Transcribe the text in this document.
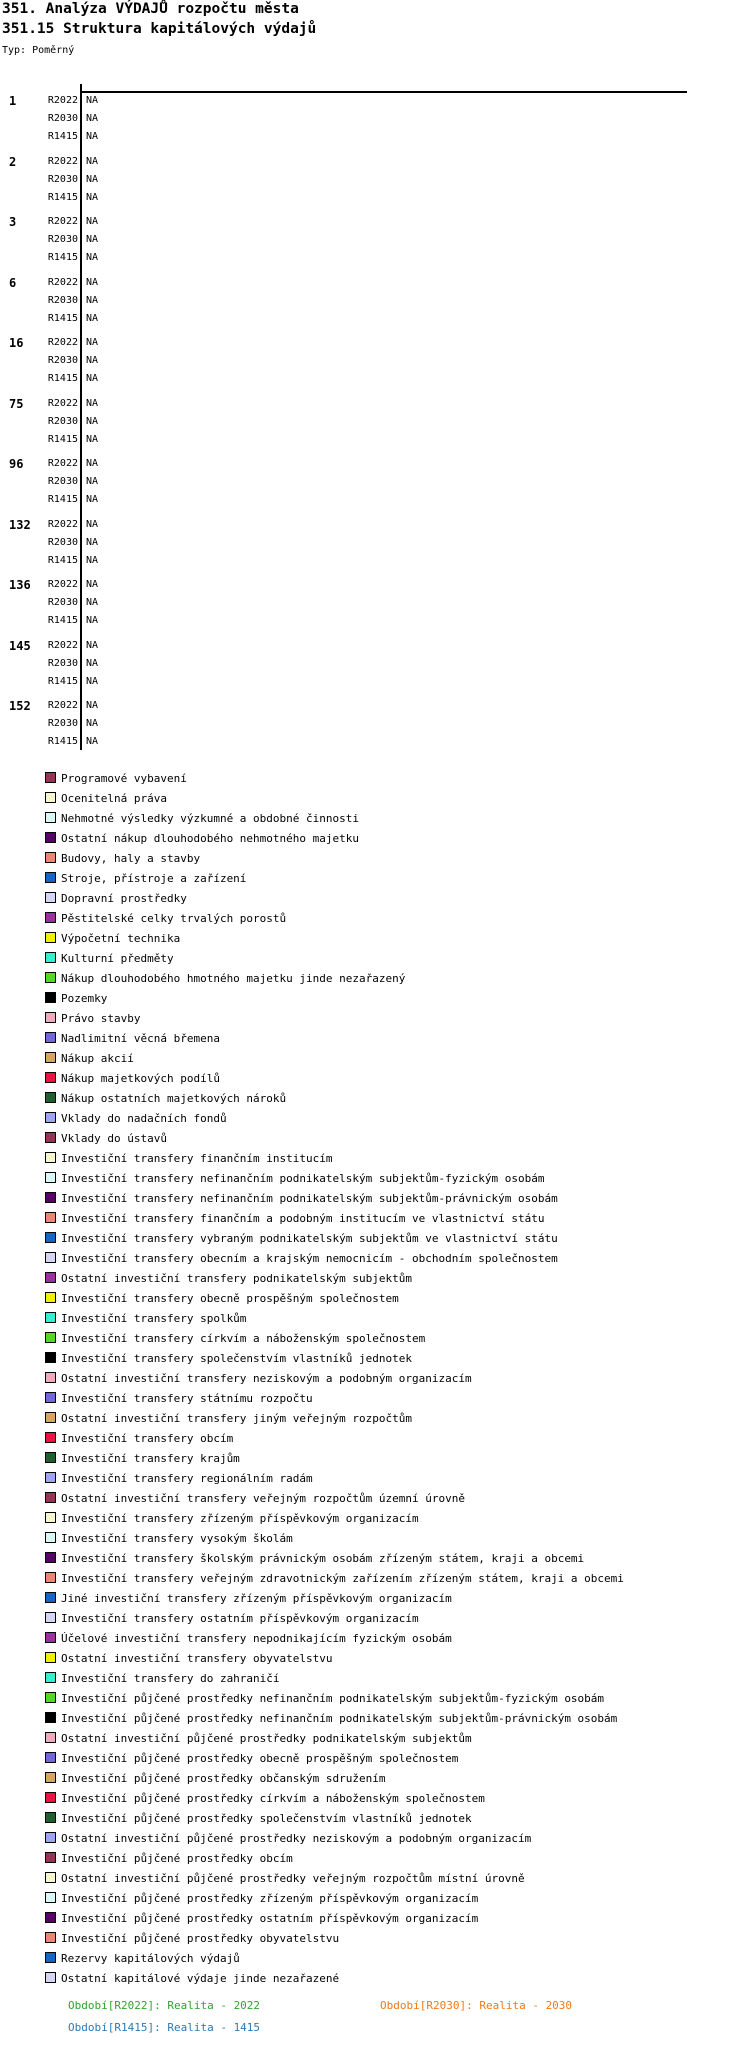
351. Analýza VÝDAJŮ rozpočtu města
351.15 Struktura kapitálových výdajů
Typ: Poměrný
1	R2022 NA
R2030 NA
R1415 NA
2	R2022 NA
R2030 NA
R1415 NA
3	R2022 NA
R2030 NA
R1415 NA
6	R2022 NA
R2030 NA
R1415 NA
16	R2022 NA
R2030 NA
R1415 NA
75	R2022 NA
R2030 NA
R1415 NA
96	R2022 NA
R2030 NA
R1415 NA
132	R2022 NA
R2030 NA
R1415 NA
136	R2022 NA
R2030 NA
R1415 NA
145	R2022 NA
R2030 NA
R1415 NA
152	R2022 NA
R2030 NA
R1415 NA
Programové vybavení
Ocenitelná práva
Nehmotné výsledky výzkumné a obdobné činnosti
Ostatní nákup dlouhodobého nehmotného majetku
Budovy, haly a stavby
Stroje, přístroje a zařízení
Dopravní prostředky
Pěstitelské celky trvalých porostů
Výpočetní technika
Kulturní předměty
Nákup dlouhodobého hmotného majetku jinde nezařazený
Pozemky
Právo stavby
Nadlimitní věcná břemena
Nákup akcií
Nákup majetkových podílů
Nákup ostatních majetkových nároků
Vklady do nadačních fondů
Vklady do ústavů
Investiční transfery finančním institucím
Investiční transfery nefinančním podnikatelským subjektům-fyzickým osobám
Investiční transfery nefinančním podnikatelským subjektům-právnickým osobám
Investiční transfery finančním a podobným institucím ve vlastnictví státu
Investiční transfery vybraným podnikatelským subjektům ve vlastnictví státu
Investiční transfery obecním a krajským nemocnicím - obchodním společnostem
Ostatní investiční transfery podnikatelským subjektům
Investiční transfery obecně prospěšným společnostem
Investiční transfery spolkům
Investiční transfery církvím a náboženským společnostem
Investiční transfery společenstvím vlastníků jednotek
Ostatní investiční transfery neziskovým a podobným organizacím
Investiční transfery státnímu rozpočtu
Ostatní investiční transfery jiným veřejným rozpočtům
Investiční transfery obcím
Investiční transfery krajům
Investiční transfery regionálním radám
Ostatní investiční transfery veřejným rozpočtům územní úrovně
Investiční transfery zřízeným příspěvkovým organizacím
Investiční transfery vysokým školám
Investiční transfery školským právnickým osobám zřízeným státem, kraji a obcemi
Investiční transfery veřejným zdravotnickým zařízením zřízeným státem, kraji a obcemi
Jiné investiční transfery zřízeným příspěvkovým organizacím
Investiční transfery ostatním příspěvkovým organizacím
Účelové investiční transfery nepodnikajícím fyzickým osobám
Ostatní investiční transfery obyvatelstvu
Investiční transfery do zahraničí
Investiční půjčené prostředky nefinančním podnikatelským subjektům-fyzickým osobám
Investiční půjčené prostředky nefinančním podnikatelským subjektům-právnickým osobám
Ostatní investiční půjčené prostředky podnikatelským subjektům
Investiční půjčené prostředky obecně prospěšným společnostem
Investiční půjčené prostředky občanským sdružením
Investiční půjčené prostředky církvím a náboženským společnostem
Investiční půjčené prostředky společenstvím vlastníků jednotek
Ostatní investiční půjčené prostředky neziskovým a podobným organizacím
Investiční půjčené prostředky obcím
Ostatní investiční půjčené prostředky veřejným rozpočtům místní úrovně
Investiční půjčené prostředky zřízeným příspěvkovým organizacím
Investiční půjčené prostředky ostatním příspěvkovým organizacím
Investiční půjčené prostředky obyvatelstvu
Rezervy kapitálových výdajů
Ostatní kapitálové výdaje jinde nezařazené
Období[R2022]: Realita - 2022	Období[R2030]: Realita - 2030
Období[R1415]: Realita - 1415
